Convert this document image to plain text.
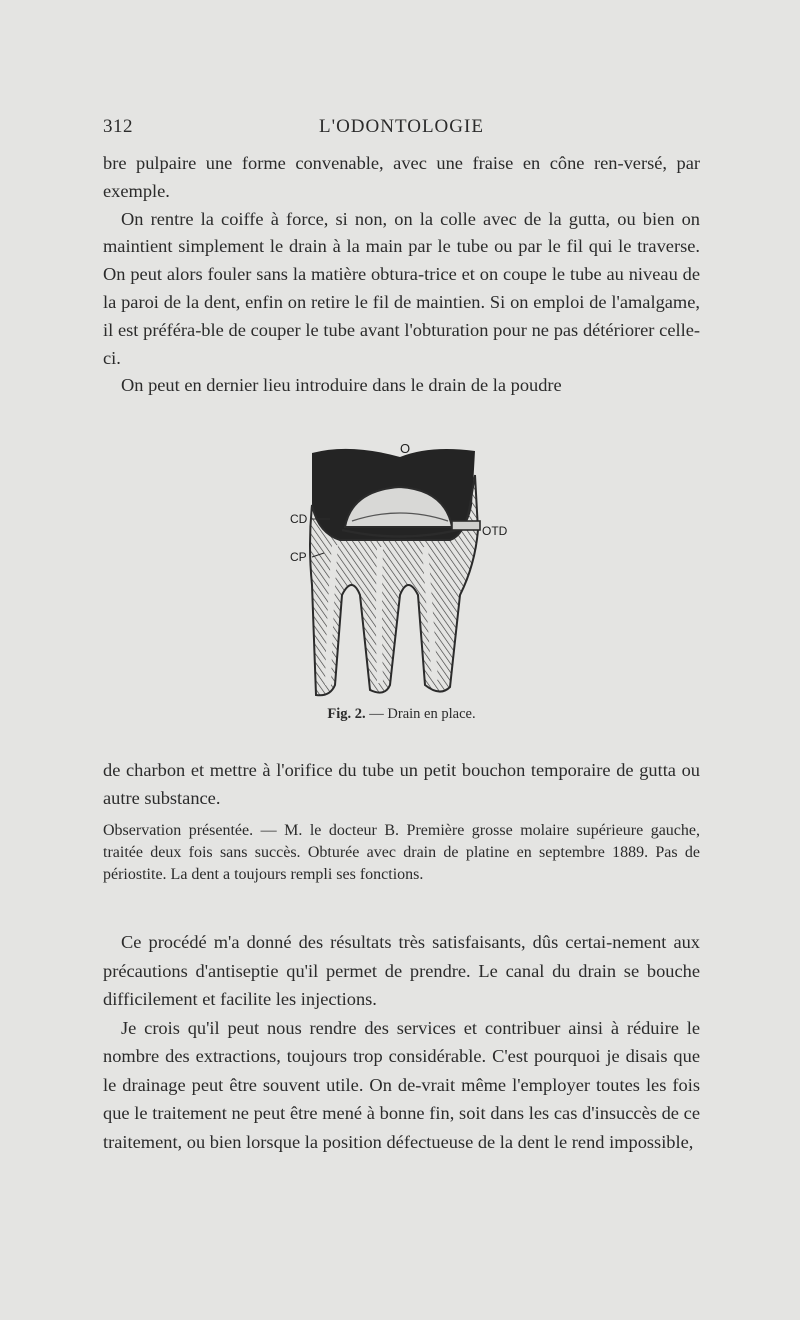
312	L'ODONTOLOGIE

bre pulpaire une forme convenable, avec une fraise en cône ren-versé, par exemple.

On rentre la coiffe à force, si non, on la colle avec de la gutta, ou bien on maintient simplement le drain à la main par le tube ou par le fil qui le traverse. On peut alors fouler sans la matière obtura-trice et on coupe le tube au niveau de la paroi de la dent, enfin on retire le fil de maintien. Si on emploi de l'amalgame, il est préféra-ble de couper le tube avant l'obturation pour ne pas détériorer celle-ci.

On peut en dernier lieu introduire dans le drain de la poudre

O
CD
CP
OTD
Fig. 2. — Drain en place.

de charbon et mettre à l'orifice du tube un petit bouchon temporaire de gutta ou autre substance.

Observation présentée. — M. le docteur B. Première grosse molaire supérieure gauche, traitée deux fois sans succès. Obturée avec drain de platine en septembre 1889. Pas de périostite. La dent a toujours rempli ses fonctions.

Ce procédé m'a donné des résultats très satisfaisants, dûs certai-nement aux précautions d'antiseptie qu'il permet de prendre. Le canal du drain se bouche difficilement et facilite les injections.

Je crois qu'il peut nous rendre des services et contribuer ainsi à réduire le nombre des extractions, toujours trop considérable. C'est pourquoi je disais que le drainage peut être souvent utile. On de-vrait même l'employer toutes les fois que le traitement ne peut être mené à bonne fin, soit dans les cas d'insuccès de ce traitement, ou bien lorsque la position défectueuse de la dent le rend impossible,
